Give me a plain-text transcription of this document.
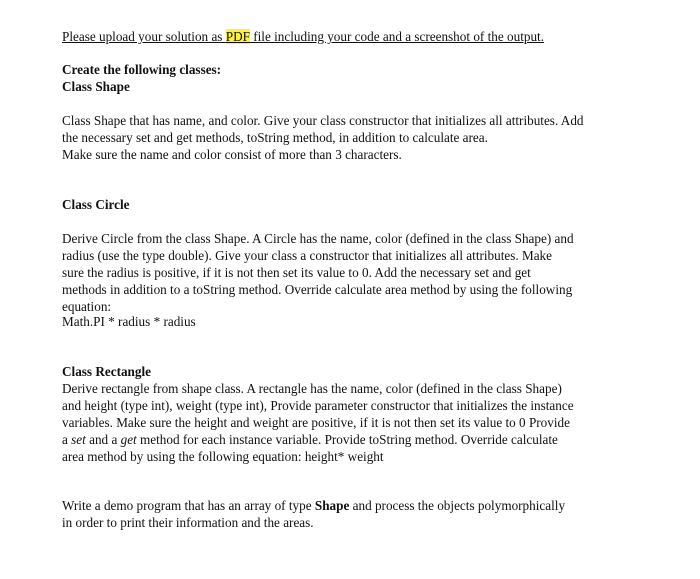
Please upload your solution as PDF file including your code and a screenshot of the output.

Create the following classes:

Class Shape

Class Shape that has name, and color. Give your class constructor that initializes all attributes. Add

the necessary set and get methods, toString method, in addition to calculate area.

Make sure the name and color consist of more than 3 characters.

Class Circle

Derive Circle from the class Shape. A Circle has the name, color (defined in the class Shape) and

radius (use the type double). Give your class a constructor that initializes all attributes. Make

sure the radius is positive, if it is not then set its value to 0. Add the necessary set and get

methods in addition to a toString method. Override calculate area method by using the following

equation:

Math.PI * radius * radius

Class Rectangle

Derive rectangle from shape class. A rectangle has the name, color (defined in the class Shape)

and height (type int), weight (type int), Provide parameter constructor that initializes the instance

variables. Make sure the height and weight are positive, if it is not then set its value to 0 Provide

a set and a get method for each instance variable. Provide toString method. Override calculate

area method by using the following equation: height* weight

Write a demo program that has an array of type Shape and process the objects polymorphically

in order to print their information and the areas.
